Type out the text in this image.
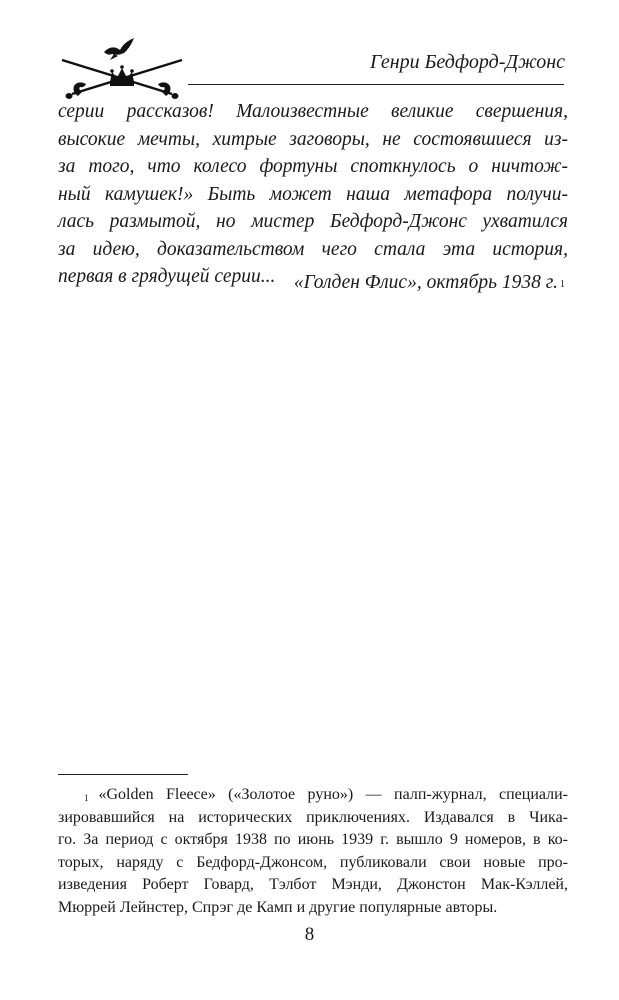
Генри Бедфорд-Джонс
серии рассказов! Малоизвестные великие свершения,
высокие мечты, хитрые заговоры, не состоявшиеся из-
за того, что колесо фортуны споткнулось о ничтож-
ный камушек!» Быть может наша метафора получи-
лась размытой, но мистер Бедфорд-Джонс ухватился
за идею, доказательством чего стала эта история,
первая в грядущей серии... «Голден Флис», октябрь 1938 г. $^1$
$^1$ «Golden Fleece» («Золотое руно») — палп-журнал, специали-
зировавшийся на исторических приключениях. Издавался в Чика-
го. За период с октября 1938 по июнь 1939 г. вышло 9 номеров, в ко-
торых, наряду с Бедфорд-Джонсом, публиковали свои новые про-
изведения Роберт Говард, Тэлбот Мэнди, Джонстон Мак-Кэллей,
Мюррей Лейнстер, Спрэг де Камп и другие популярные авторы.
8
